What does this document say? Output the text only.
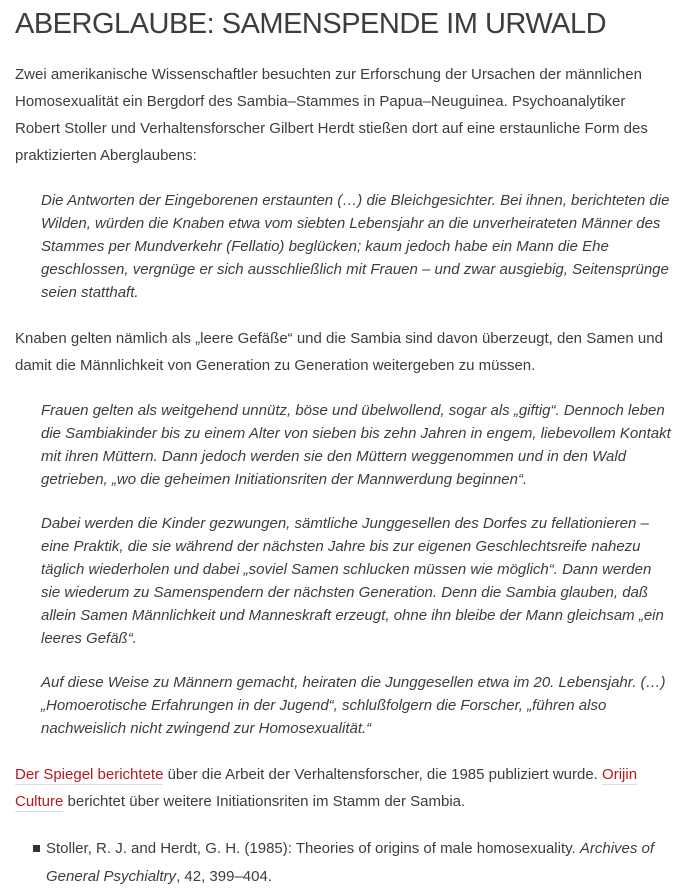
ABERGLAUBE: SAMENSPENDE IM URWALD

Zwei amerikanische Wissenschaftler besuchten zur Erforschung der Ursachen der männlichen Homosexualität ein Bergdorf des Sambia–Stammes in Papua–Neuguinea. Psychoanalytiker Robert Stoller und Verhaltensforscher Gilbert Herdt stießen dort auf eine erstaunliche Form des praktizierten Aberglaubens:

Die Antworten der Eingeborenen erstaunten (…) die Bleichgesichter. Bei ihnen, berichteten die Wilden, würden die Knaben etwa vom siebten Lebensjahr an die unverheirateten Männer des Stammes per Mundverkehr (Fellatio) beglücken; kaum jedoch habe ein Mann die Ehe geschlossen, vergnüge er sich ausschließlich mit Frauen – und zwar ausgiebig, Seitensprünge seien statthaft.

Knaben gelten nämlich als „leere Gefäße“ und die Sambia sind davon überzeugt, den Samen und damit die Männlichkeit von Generation zu Generation weitergeben zu müssen.

Frauen gelten als weitgehend unnütz, böse und übelwollend, sogar als „giftig“. Dennoch leben die Sambiakinder bis zu einem Alter von sieben bis zehn Jahren in engem, liebevollem Kontakt mit ihren Müttern. Dann jedoch werden sie den Müttern weggenommen und in den Wald getrieben, „wo die geheimen Initiationsriten der Mannwerdung beginnen“.
Dabei werden die Kinder gezwungen, sämtliche Junggesellen des Dorfes zu fellationieren – eine Praktik, die sie während der nächsten Jahre bis zur eigenen Geschlechtsreife nahezu täglich wiederholen und dabei „soviel Samen schlucken müssen wie möglich“. Dann werden sie wiederum zu Samenspendern der nächsten Generation. Denn die Sambia glauben, daß allein Samen Männlichkeit und Manneskraft erzeugt, ohne ihn bleibe der Mann gleichsam „ein leeres Gefäß“.
Auf diese Weise zu Männern gemacht, heiraten die Junggesellen etwa im 20. Lebensjahr. (…) „Homoerotische Erfahrungen in der Jugend“, schlußfolgern die Forscher, „führen also nachweislich nicht zwingend zur Homosexualität.“

Der Spiegel berichtete über die Arbeit der Verhaltensforscher, die 1985 publiziert wurde. Orijin Culture berichtet über weitere Initiationsriten im Stamm der Sambia.

Stoller, R. J. and Herdt, G. H. (1985): Theories of origins of male homosexuality. Archives of General Psychialtry, 42, 399–404.
